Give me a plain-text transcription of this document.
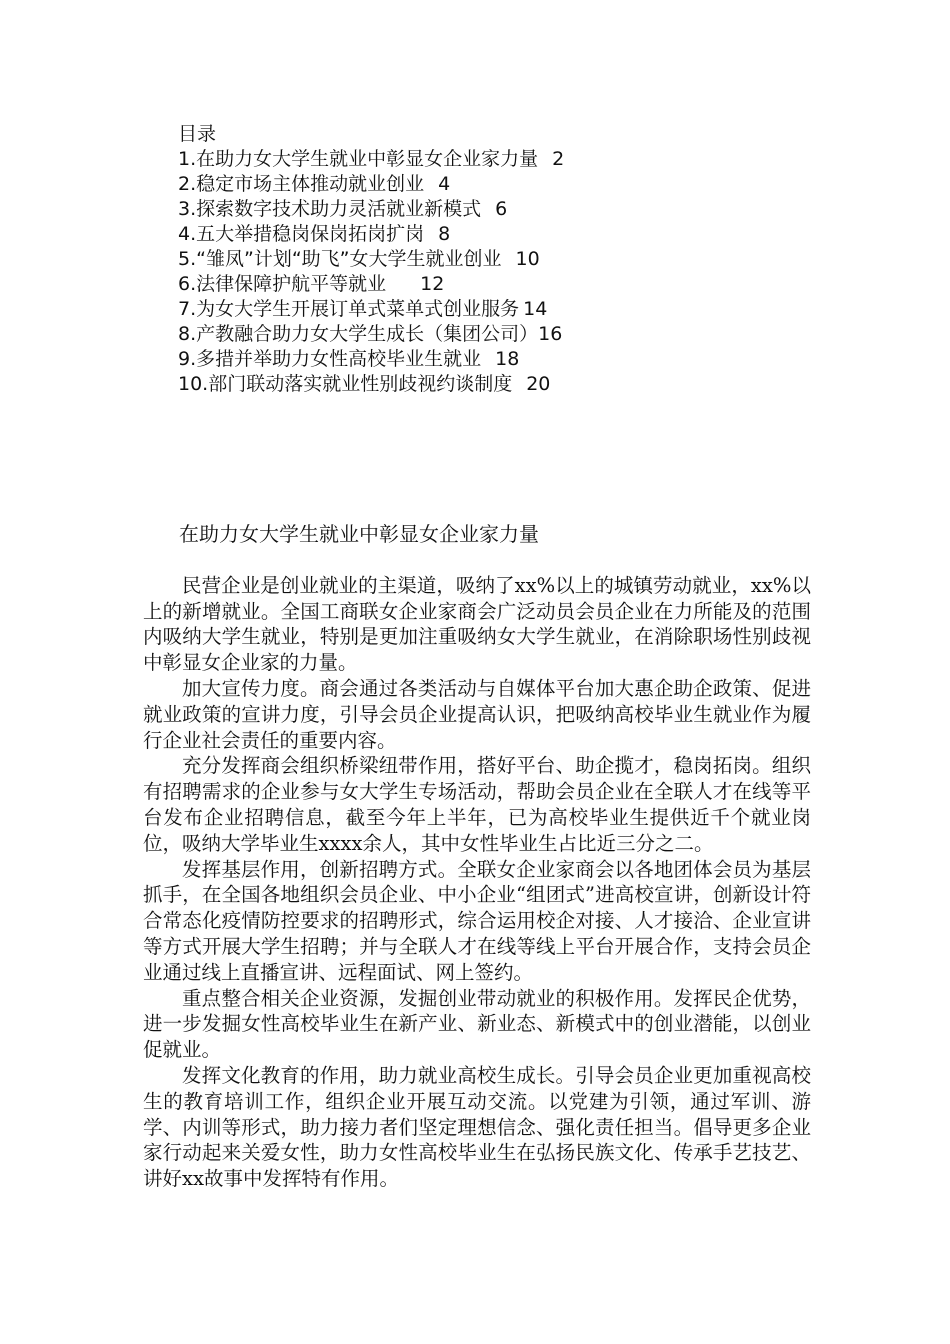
目录
1.在助力女大学生就业中彰显女企业家力量 2
2.稳定市场主体推动就业创业 4
3.探索数字技术助力灵活就业新模式 6
4.五大举措稳岗保岗拓岗扩岗 8
5.“雏凤”计划“助飞”女大学生就业创业 10
6.法律保障护航平等就业 12
7.为女大学生开展订单式菜单式创业服务 14
8.产教融合助力女大学生成长（集团公司）16
9.多措并举助力女性高校毕业生就业 18
10.部门联动落实就业性别歧视约谈制度 20
在助力女大学生就业中彰显女企业家力量

民营企业是创业就业的主渠道，吸纳了xx%以上的城镇劳动就业，xx%以上的新增就业。全国工商联女企业家商会广泛动员会员企业在力所能及的范围内吸纳大学生就业，特别是更加注重吸纳女大学生就业，在消除职场性别歧视中彰显女企业家的力量。

加大宣传力度。商会通过各类活动与自媒体平台加大惠企助企政策、促进就业政策的宣讲力度，引导会员企业提高认识，把吸纳高校毕业生就业作为履行企业社会责任的重要内容。

充分发挥商会组织桥梁纽带作用，搭好平台、助企揽才，稳岗拓岗。组织有招聘需求的企业参与女大学生专场活动，帮助会员企业在全联人才在线等平台发布企业招聘信息，截至今年上半年，已为高校毕业生提供近千个就业岗位，吸纳大学毕业生xxxx余人，其中女性毕业生占比近三分之二。

发挥基层作用，创新招聘方式。全联女企业家商会以各地团体会员为基层抓手，在全国各地组织会员企业、中小企业“组团式”进高校宣讲，创新设计符合常态化疫情防控要求的招聘形式，综合运用校企对接、人才接洽、企业宣讲等方式开展大学生招聘；并与全联人才在线等线上平台开展合作，支持会员企业通过线上直播宣讲、远程面试、网上签约。

重点整合相关企业资源，发掘创业带动就业的积极作用。发挥民企优势，进一步发掘女性高校毕业生在新产业、新业态、新模式中的创业潜能，以创业促就业。

发挥文化教育的作用，助力就业高校生成长。引导会员企业更加重视高校生的教育培训工作，组织企业开展互动交流。以党建为引领，通过军训、游学、内训等形式，助力接力者们坚定理想信念、强化责任担当。倡导更多企业家行动起来关爱女性，助力女性高校毕业生在弘扬民族文化、传承手艺技艺、讲好xx故事中发挥特有作用。
